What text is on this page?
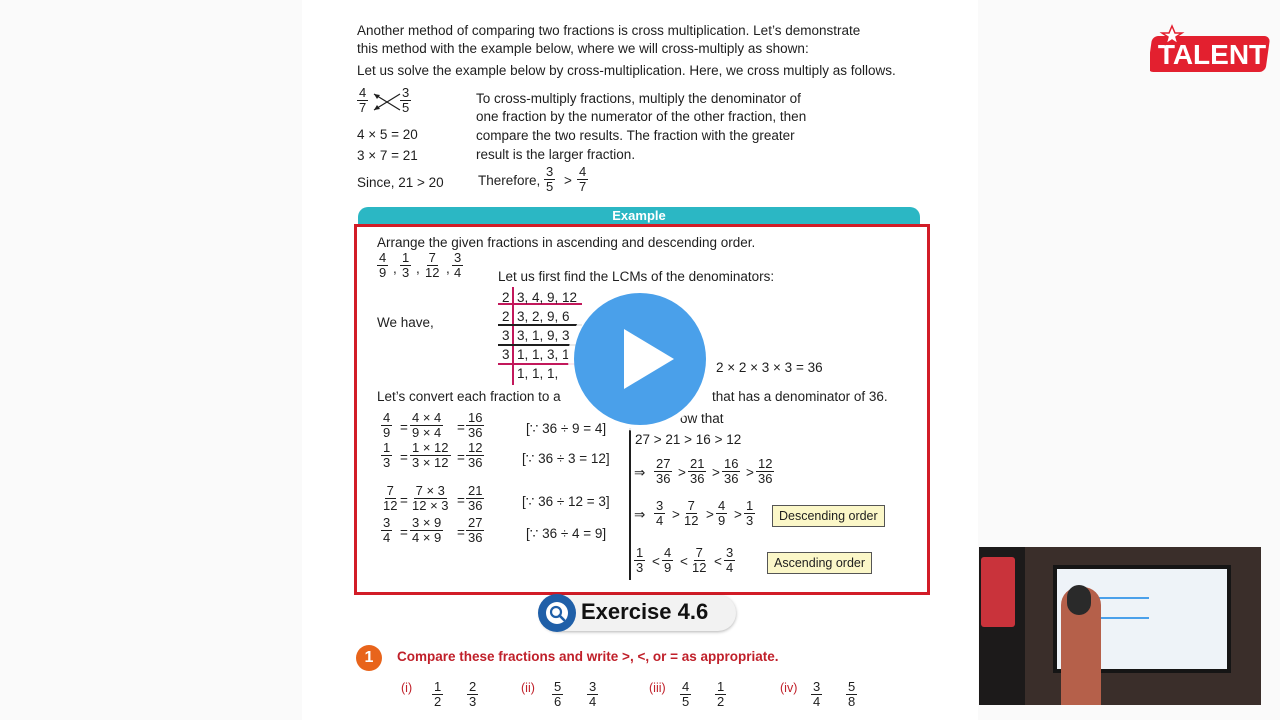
Another method of comparing two fractions is cross multiplication. Let’s demonstrate
this method with the example below, where we will cross-multiply as shown:
Let us solve the example below by cross-multiplication. Here, we cross multiply as follows.
$\frac{4}{7} \frac{3}{5}$
4 × 5 = 20
3 × 7 = 21
Since, 21 > 20
To cross-multiply fractions, multiply the denominator of
one fraction by the numerator of the other fraction, then
compare the two results. The fraction with the greater
result is the larger fraction.
Therefore, $\frac{3}{5} > \frac{4}{7}$
Example
Arrange the given fractions in ascending and descending order.
$\frac{4}{9}$ , $\frac{1}{3}$ , $\frac{7}{12}$ , $\frac{3}{4}$	Let us first find the LCMs of the denominators:
We have,
2 3, 4, 9, 12
2 3, 2, 9, 6
3 3, 1, 9, 3
3 1, 1, 3, 1
1, 1, 1,	2 × 2 × 3 × 3 = 36
Let’s convert each fraction to a	that has a denominator of 36.
$\frac{4}{9} = \frac{4 \times 4}{9 \times 4} = \frac{16}{36}$	[∵ 36 ÷ 9 = 4]
$\frac{1}{3} = \frac{1 \times 12}{3 \times 12} = \frac{12}{36}$	[∵ 36 ÷ 3 = 12]
$\frac{7}{12} = \frac{7 \times 3}{12 \times 3} = \frac{21}{36}$	[∵ 36 ÷ 12 = 3]
$\frac{3}{4} = \frac{3 \times 9}{4 \times 9} = \frac{27}{36}$	[∵ 36 ÷ 4 = 9]
ow that
27 > 21 > 16 > 12
⇒ $\frac{27}{36} > \frac{21}{36} > \frac{16}{36} > \frac{12}{36}$
⇒ $\frac{3}{4} > \frac{7}{12} > \frac{4}{9} > \frac{1}{3}$
$\frac{1}{3} < \frac{4}{9} < \frac{7}{12} < \frac{3}{4}$
Descending order
Ascending order
Exercise 4.6
1	Compare these fractions and write >, <, or = as appropriate.
$(i) \frac{1}{2} \frac{2}{3}$	$(ii) \frac{5}{6} \frac{3}{4}$	$(iii) \frac{4}{5} \frac{1}{2}$	$(iv) \frac{3}{4} \frac{5}{8}$
TALENT
